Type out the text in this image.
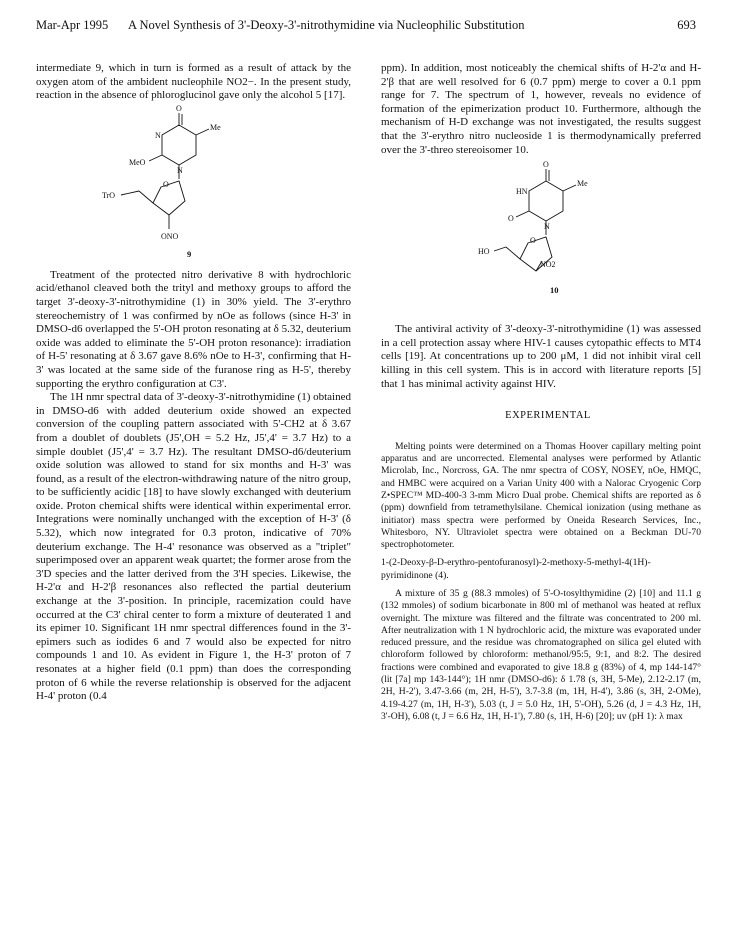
Mar-Apr 1995 A Novel Synthesis of 3'-Deoxy-3'-nitrothymidine via Nucleophilic Substitution	693

intermediate 9, which in turn is formed as a result of attack by the oxygen atom of the ambident nucleophile NO2−. In the present study, reaction in the absence of phloroglucinol gave only the alcohol 5 [17].

O
Me
N
MeO
N
TrO
O
ONO
9

Treatment of the protected nitro derivative 8 with hydrochloric acid/ethanol cleaved both the trityl and methoxy groups to afford the target 3'-deoxy-3'-nitrothymidine (1) in 30% yield. The 3'-erythro stereochemistry of 1 was confirmed by nOe as follows (since H-3' in DMSO-d6 overlapped the 5'-OH proton resonating at δ 5.32, deuterium oxide was added to eliminate the 5'-OH proton resonance): irradiation of H-5' resonating at δ 3.67 gave 8.6% nOe to H-3', confirming that H-3' was located at the same side of the furanose ring as H-5', thereby supporting the erythro configuration at C3'.

The 1H nmr spectral data of 3'-deoxy-3'-nitrothymidine (1) obtained in DMSO-d6 with added deuterium oxide showed an expected conversion of the coupling pattern associated with 5'-CH2 at δ 3.67 from a doublet of doublets (J5',OH = 5.2 Hz, J5',4' = 3.7 Hz) to a simple doublet (J5',4' = 3.7 Hz). The resultant DMSO-d6/deuterium oxide solution was allowed to stand for six months and H-3' was found, as a result of the electron-withdrawing nature of the nitro group, to be sufficiently acidic [18] to have slowly exchanged with deuterium oxide. Proton chemical shifts were identical within experimental error. Integrations were nominally unchanged with the exception of H-3' (δ 5.32), which now integrated for 0.3 proton, indicative of 70% deuterium exchange. The H-4' resonance was observed as a "triplet" superimposed over an apparent weak quartet; the former arose from the 3'D species and the latter derived from the 3'H species. Likewise, the H-2'α and H-2'β resonances also reflected the partial deuterium exchange at the 3'-position. In principle, racemization could have occurred at the C3' chiral center to form a mixture of deuterated 1 and its epimer 10. Significant 1H nmr spectral differences found in the 3'-epimers such as iodides 6 and 7 would also be expected for nitro compounds 1 and 10. As evident in Figure 1, the H-3' proton of 7 resonates at a higher field (0.1 ppm) than does the corresponding proton of 6 while the reverse relationship is observed for the adjacent H-4' proton (0.4

ppm). In addition, most noticeably the chemical shifts of H-2'α and H-2'β that are well resolved for 6 (0.7 ppm) merge to cover a 0.1 ppm range for 7. The spectrum of 1, however, reveals no evidence of formation of the epimerization product 10. Furthermore, although the mechanism of H-D exchange was not investigated, the results suggest that the 3'-erythro nitro nucleoside 1 is thermodynamically preferred over the 3'-threo stereoisomer 10.

O
Me
HN
O
N
HO
O
NO2
10

The antiviral activity of 3'-deoxy-3'-nitrothymidine (1) was assessed in a cell protection assay where HIV-1 causes cytopathic effects to MT4 cells [19]. At concentrations up to 200 μM, 1 did not inhibit viral cell killing in this cell system. This is in accord with literature reports [5] that 1 has minimal activity against HIV.

EXPERIMENTAL

Melting points were determined on a Thomas Hoover capillary melting point apparatus and are uncorrected. Elemental analyses were performed by Atlantic Microlab, Inc., Norcross, GA. The nmr spectra of COSY, NOSEY, nOe, HMQC, and HMBC were acquired on a Varian Unity 400 with a Nalorac Cryogenic Corp Z•SPEC™ MD-400-3 3-mm Micro Dual probe. Chemical shifts are reported as δ (ppm) downfield from tetramethylsilane. Chemical ionization (using methane as initiator) mass spectra were performed by Oneida Research Services, Inc., Whitesboro, NY. Ultraviolet spectra were obtained on a Beckman DU-70 spectrophotometer.

1-(2-Deoxy-β-D-erythro-pentofuranosyl)-2-methoxy-5-methyl-4(1H)-pyrimidinone (4).

A mixture of 35 g (88.3 mmoles) of 5'-O-tosylthymidine (2) [10] and 11.1 g (132 mmoles) of sodium bicarbonate in 800 ml of methanol was heated at reflux overnight. The mixture was filtered and the filtrate was concentrated to 200 ml. After neutralization with 1 N hydrochloric acid, the mixture was evaporated under reduced pressure, and the residue was chromatographed on silica gel eluted with chloroform followed by chloroform: methanol/95:5, 9:1, and 8:2. The desired fractions were combined and evaporated to give 18.8 g (83%) of 4, mp 144-147° (lit [7a] mp 143-144°); 1H nmr (DMSO-d6): δ 1.78 (s, 3H, 5-Me), 2.12-2.17 (m, 2H, H-2'), 3.47-3.66 (m, 2H, H-5'), 3.7-3.8 (m, 1H, H-4'), 3.86 (s, 3H, 2-OMe), 4.19-4.27 (m, 1H, H-3'), 5.03 (t, J = 5.0 Hz, 1H, 5'-OH), 5.26 (d, J = 4.3 Hz, 1H, 3'-OH), 6.08 (t, J = 6.6 Hz, 1H, H-1'), 7.80 (s, 1H, H-6) [20]; uv (pH 1): λ max
